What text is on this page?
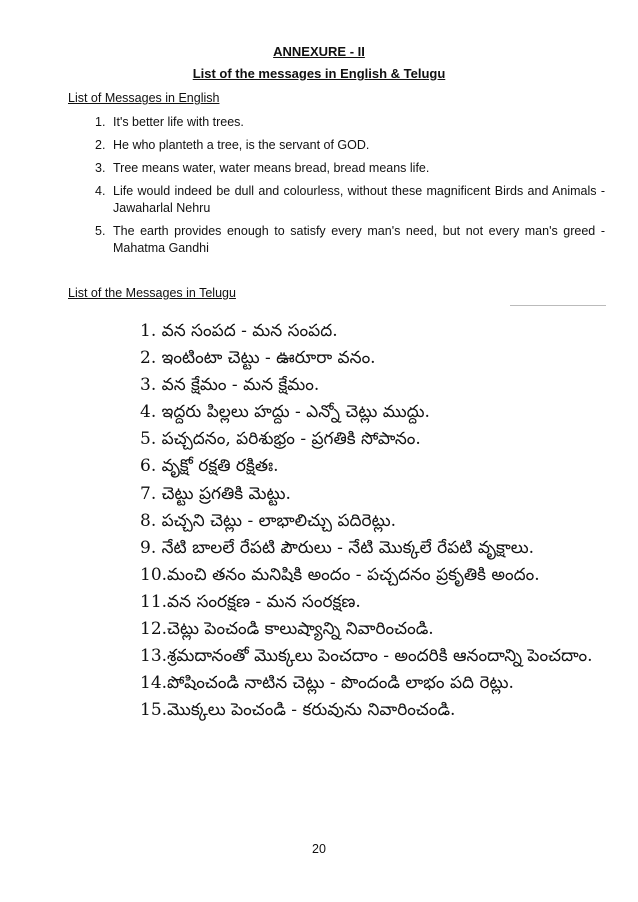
ANNEXURE - II
List of the messages in English & Telugu
List of Messages in English
1. It's better life with trees.
2. He who planteth a tree, is the servant of GOD.
3. Tree means water, water means bread, bread means life.
4. Life would indeed be dull and colourless, without these magnificent Birds and Animals - Jawaharlal Nehru
5. The earth provides enough to satisfy every man's need, but not every man's greed - Mahatma Gandhi
List of the Messages in Telugu
1. వన సంపద - మన సంపద.
2. ఇంటింటా చెట్టు - ఊరూరా వనం.
3. వన క్షేమం - మన క్షేమం.
4. ఇద్దరు పిల్లలు హద్దు - ఎన్నో చెట్లు ముద్దు.
5. పచ్చదనం, పరిశుభ్రం - ప్రగతికి సోపానం.
6. వృక్షో రక్షతి రక్షితః.
7. చెట్టు ప్రగతికి మెట్టు.
8. పచ్చని చెట్లు - లాభాలిచ్చు పదిరెట్లు.
9. నేటి బాలలే రేపటి పౌరులు - నేటి మొక్కలే రేపటి వృక్షాలు.
10.మంచి తనం మనిషికి అందం - పచ్చదనం ప్రకృతికి అందం.
11.వన సంరక్షణ - మన సంరక్షణ.
12.చెట్లు పెంచండి కాలుష్యాన్ని నివారించండి.
13.శ్రమదానంతో మొక్కలు పెంచదాం - అందరికి ఆనందాన్ని పెంచదాం.
14.పోషించండి నాటిన చెట్లు - పొందండి లాభం పది రెట్లు.
15.మొక్కలు పెంచండి - కరువును నివారించండి.
20
